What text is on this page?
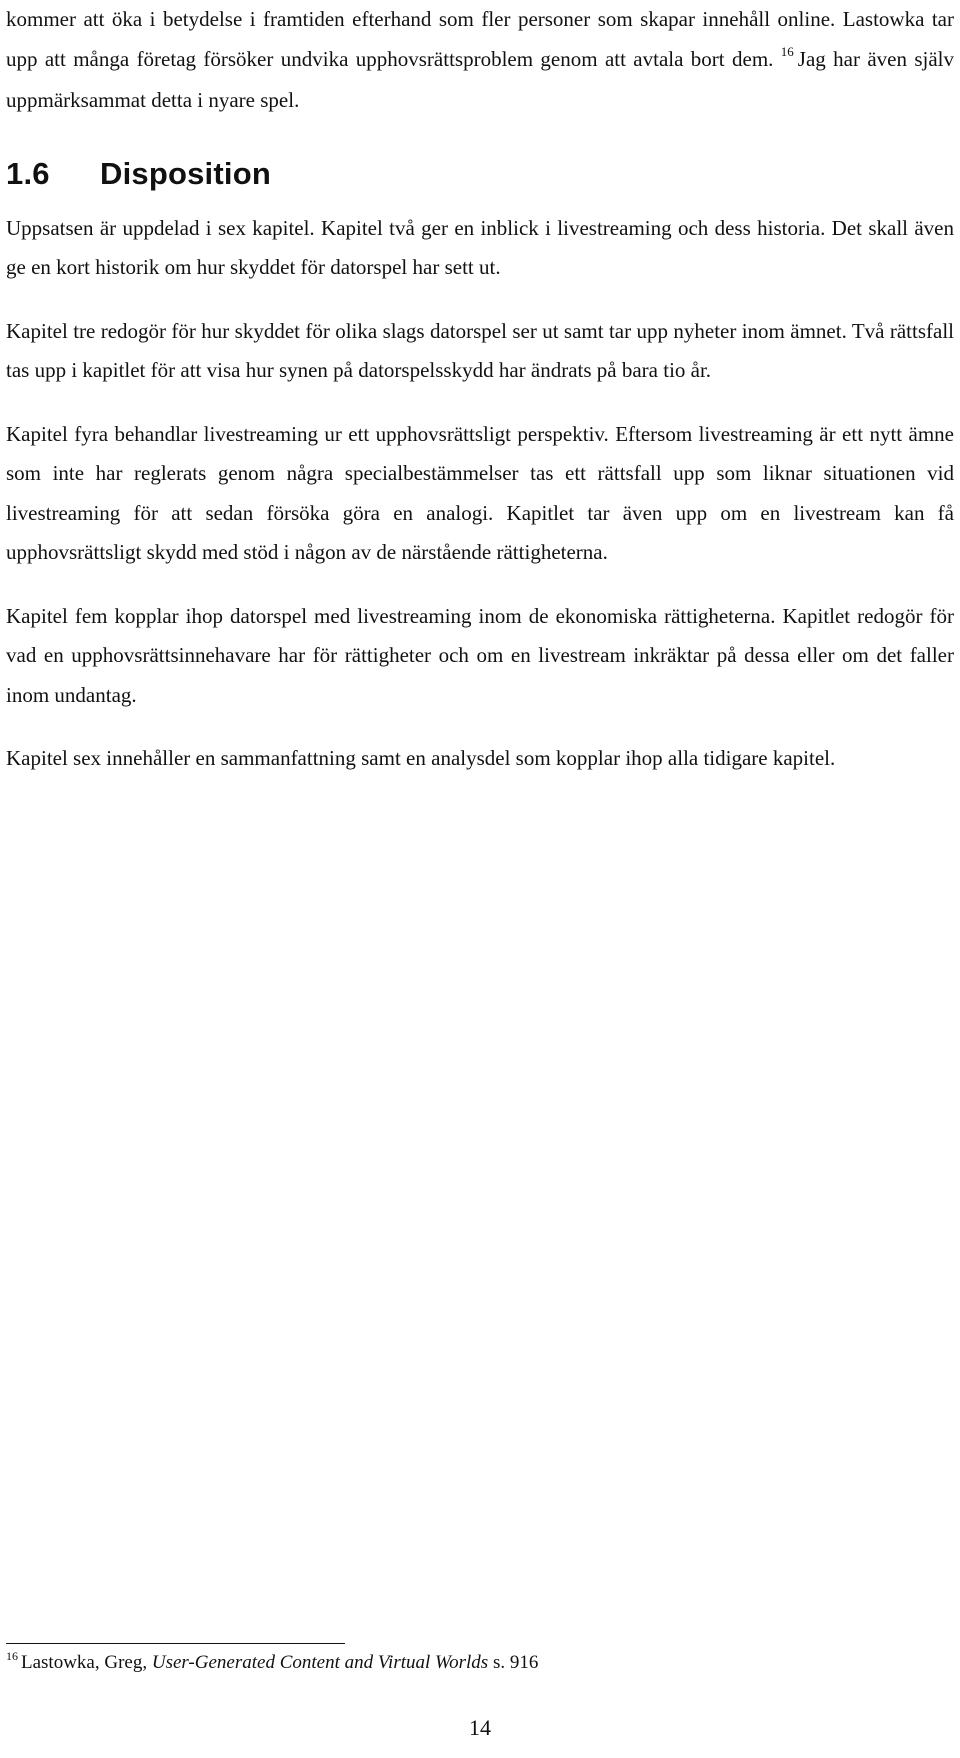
kommer att öka i betydelse i framtiden efterhand som fler personer som skapar innehåll online. Lastowka tar upp att många företag försöker undvika upphovsrättsproblem genom att avtala bort dem. $^{16}$ Jag har även själv uppmärksammat detta i nyare spel.

1.6 Disposition

Uppsatsen är uppdelad i sex kapitel. Kapitel två ger en inblick i livestreaming och dess historia. Det skall även ge en kort historik om hur skyddet för datorspel har sett ut.

Kapitel tre redogör för hur skyddet för olika slags datorspel ser ut samt tar upp nyheter inom ämnet. Två rättsfall tas upp i kapitlet för att visa hur synen på datorspelsskydd har ändrats på bara tio år.

Kapitel fyra behandlar livestreaming ur ett upphovsrättsligt perspektiv. Eftersom livestreaming är ett nytt ämne som inte har reglerats genom några specialbestämmelser tas ett rättsfall upp som liknar situationen vid livestreaming för att sedan försöka göra en analogi. Kapitlet tar även upp om en livestream kan få upphovsrättsligt skydd med stöd i någon av de närstående rättigheterna.

Kapitel fem kopplar ihop datorspel med livestreaming inom de ekonomiska rättigheterna. Kapitlet redogör för vad en upphovsrättsinnehavare har för rättigheter och om en livestream inkräktar på dessa eller om det faller inom undantag.

Kapitel sex innehåller en sammanfattning samt en analysdel som kopplar ihop alla tidigare kapitel.

$^{16}$ Lastowka, Greg, User-Generated Content and Virtual Worlds s. 916

14
